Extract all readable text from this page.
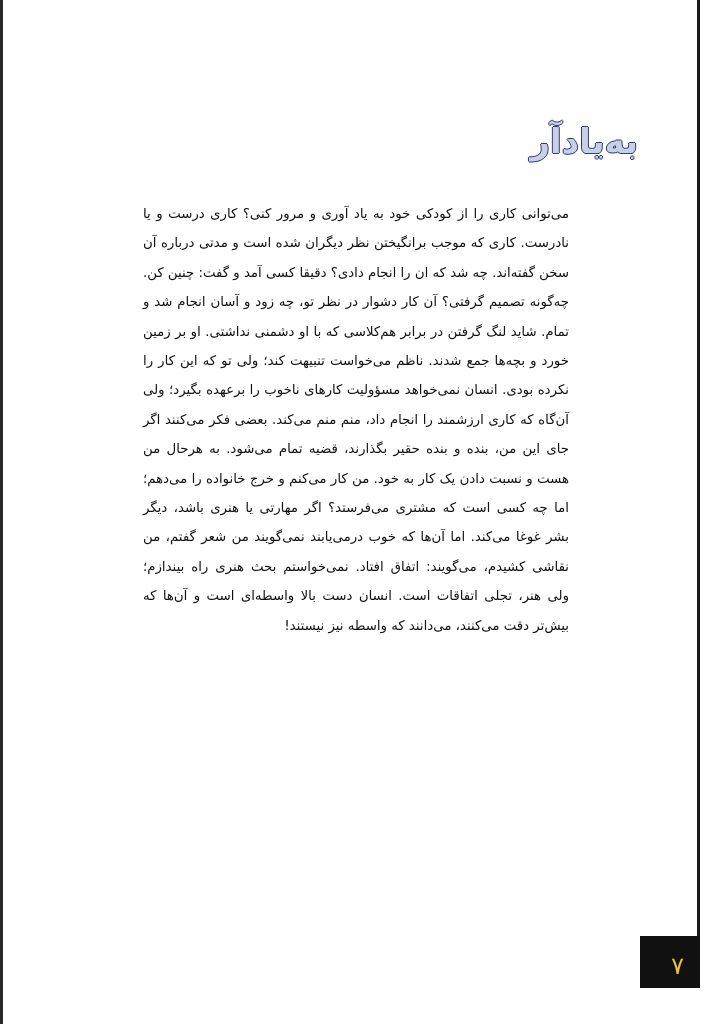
به‌یادآر

می‌توانی کاری را از کودکی خود به یاد آوری و مرور کنی؟ کاری درست و یا نادرست. کاری که موجب برانگیختن نظر دیگران شده است و مدتی درباره آن سخن گفته‌اند. چه شد که ان را انجام دادی؟ دقیقا کسی آمد و گفت: چنین کن. چه‌گونه تصمیم گرفتی؟ آن کار دشوار در نظر تو، چه زود و آسان انجام شد و تمام. شاید لنگ گرفتن در برابر هم‌کلاسی که با او دشمنی نداشتی. او بر زمین خورد و بچه‌ها جمع شدند. ناظم می‌خواست تنبیهت کند؛ ولی تو که این کار را نکرده بودی. انسان نمی‌خواهد مسؤولیت کارهای ناخوب را برعهده بگیرد؛ ولی آن‌گاه که کاری ارزشمند را انجام داد، منم منم می‌کند. بعضی فکر می‌کنند اگر جای این من، بنده و بنده حقیر بگذارند، قضیه تمام می‌شود. به هرحال من هست و نسبت دادن یک کار به خود. من کار می‌کنم و خرج خانواده را می‌دهم؛ اما چه کسی است که مشتری می‌فرستد؟ اگر مهارتی یا هنری باشد، دیگر بشر غوغا می‌کند. اما آن‌ها که خوب درمی‌یابند نمی‌گویند من شعر گفتم، من نقاشی کشیدم، می‌گویند: اتفاق افتاد. نمی‌خواستم بحث هنری راه بیندازم؛ ولی هنر، تجلی اتفاقات است. انسان دست بالا واسطه‌ای است و آن‌ها که بیش‌تر دقت می‌کنند، می‌دانند که واسطه نیز نیستند!

۷
